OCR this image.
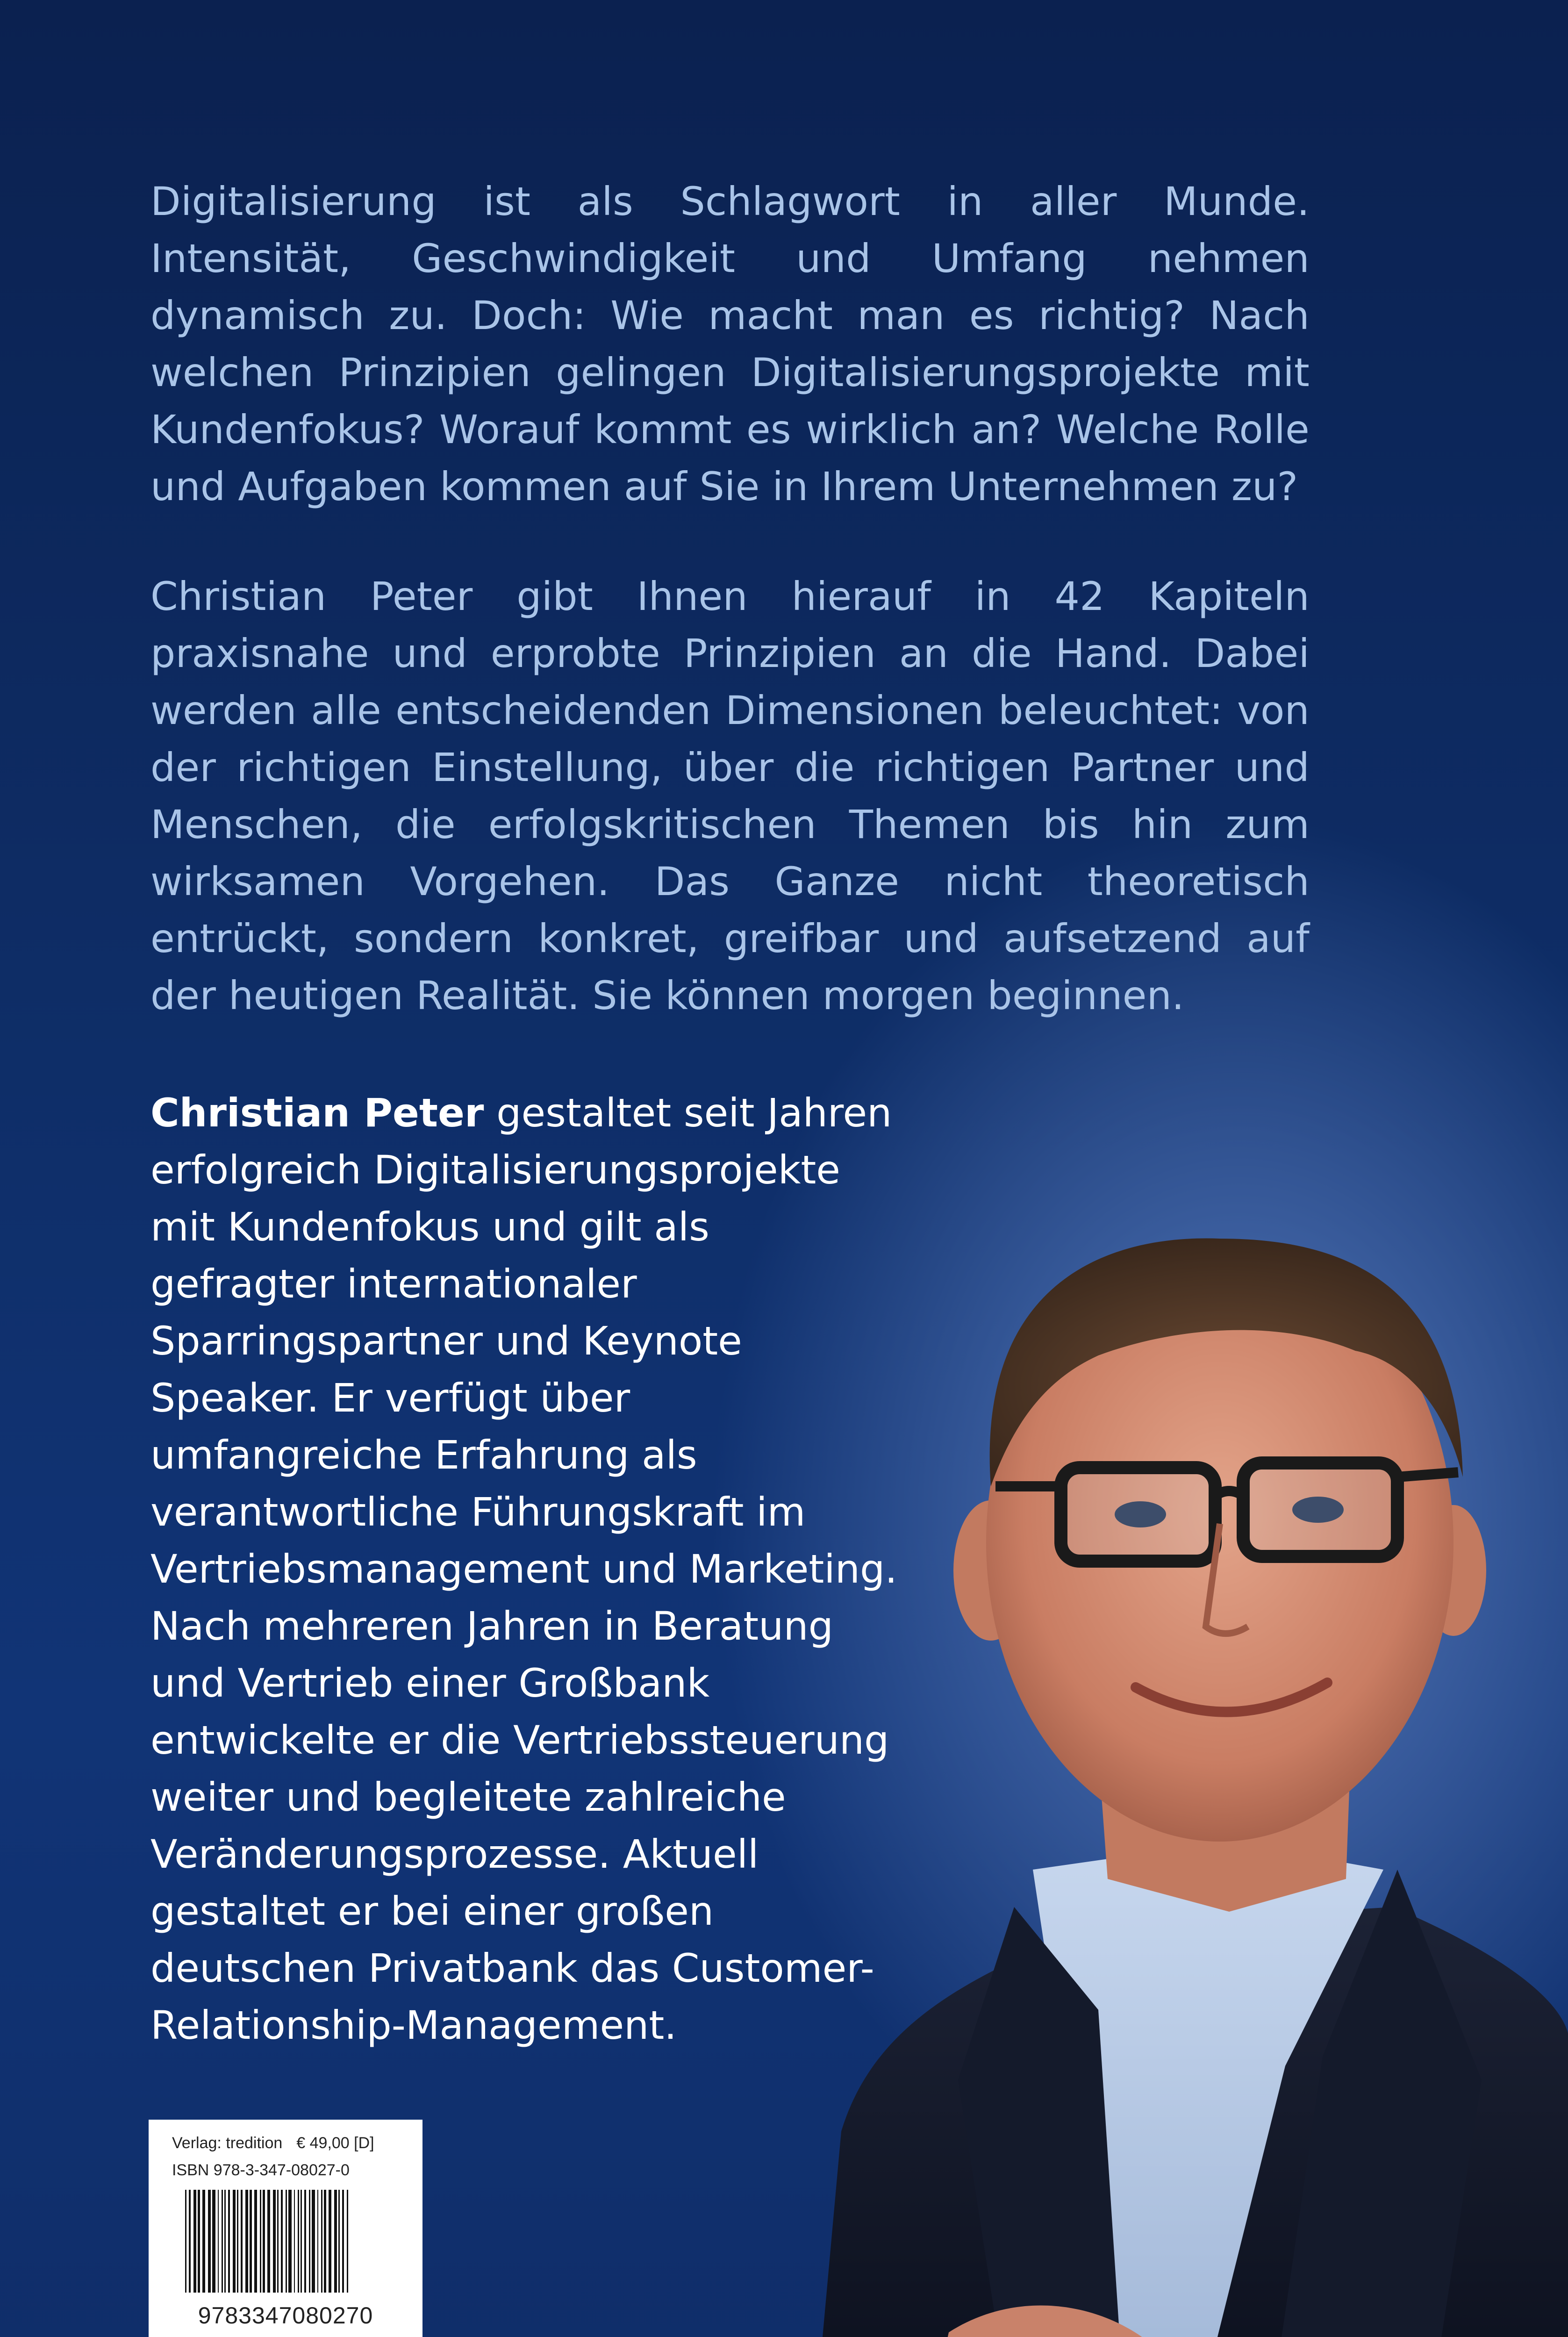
Digitalisierung ist als Schlagwort in aller Munde. Intensität, Geschwindigkeit und Umfang nehmen dynamisch zu. Doch: Wie macht man es richtig? Nach welchen Prinzipien gelingen Digitalisierungsprojekte mit Kundenfokus? Worauf kommt es wirklich an? Welche Rolle und Aufgaben kommen auf Sie in Ihrem Unternehmen zu?

Christian Peter gibt Ihnen hierauf in 42 Kapiteln praxisnahe und erprobte Prinzipien an die Hand. Dabei werden alle entscheidenden Dimensionen beleuchtet: von der richtigen Einstellung, über die richtigen Partner und Menschen, die erfolgskritischen Themen bis hin zum wirksamen Vorgehen. Das Ganze nicht theoretisch entrückt, sondern konkret, greifbar und aufsetzend auf der heutigen Realität. Sie können morgen beginnen.

Christian Peter gestaltet seit Jahren erfolgreich Digitalisierungsprojekte mit Kundenfokus und gilt als gefragter internationaler Sparringspartner und Keynote Speaker. Er verfügt über umfangreiche Erfahrung als verantwortliche Führungskraft im Vertriebsmanagement und Marketing. Nach mehreren Jahren in Beratung und Vertrieb einer Großbank entwickelte er die Vertriebssteuerung weiter und begleitete zahlreiche Veränderungsprozesse. Aktuell gestaltet er bei einer großen deutschen Privatbank das Customer-Relationship-Management.

Verlag: tredition € 49,00 [D]
ISBN 978-3-347-08027-0
9783347080270
